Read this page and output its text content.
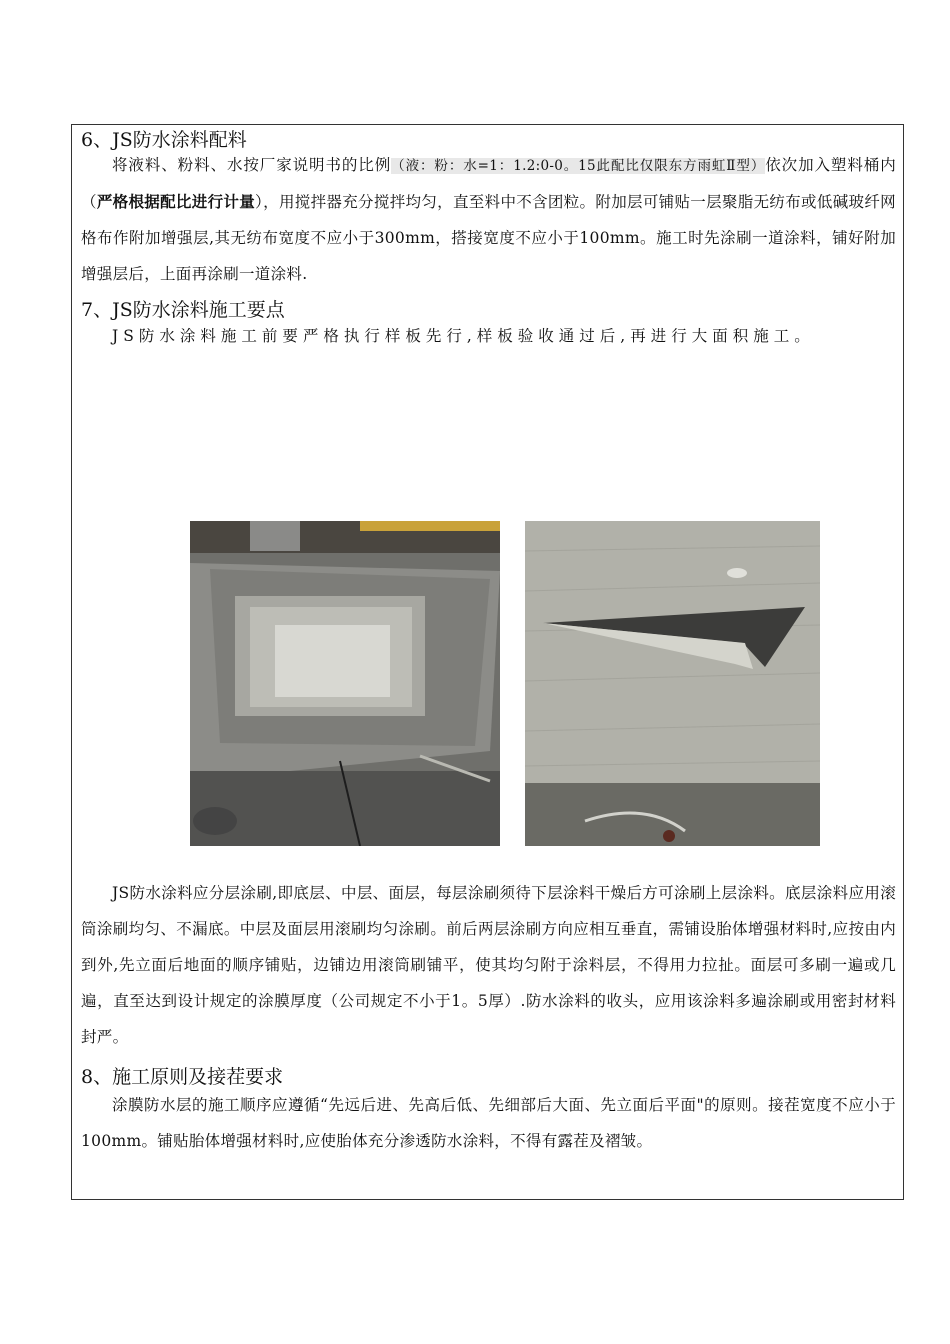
6、JS防水涂料配料
将液料、粉料、水按厂家说明书的比例（液：粉：水=1：1.2:0-0。15此配比仅限东方雨虹Ⅱ型）依次加入塑料桶内（严格根据配比进行计量），用搅拌器充分搅拌均匀，直至料中不含团粒。附加层可铺贴一层聚脂无纺布或低碱玻纤网格布作附加增强层,其无纺布宽度不应小于300mm，搭接宽度不应小于100mm。施工时先涂刷一道涂料，铺好附加增强层后，上面再涂刷一道涂料.
7、JS防水涂料施工要点
JS防水涂料施工前要严格执行样板先行,样板验收通过后,再进行大面积施工。
JS防水涂料应分层涂刷,即底层、中层、面层，每层涂刷须待下层涂料干燥后方可涂刷上层涂料。底层涂料应用滚筒涂刷均匀、不漏底。中层及面层用滚刷均匀涂刷。前后两层涂刷方向应相互垂直，需铺设胎体增强材料时,应按由内到外,先立面后地面的顺序铺贴，边铺边用滚筒刷铺平，使其均匀附于涂料层，不得用力拉扯。面层可多刷一遍或几遍，直至达到设计规定的涂膜厚度（公司规定不小于1。5厚）.防水涂料的收头，应用该涂料多遍涂刷或用密封材料封严。
8、施工原则及接茬要求
涂膜防水层的施工顺序应遵循“先远后进、先高后低、先细部后大面、先立面后平面"的原则。接茬宽度不应小于100mm。铺贴胎体增强材料时,应使胎体充分渗透防水涂料，不得有露茬及褶皱。
